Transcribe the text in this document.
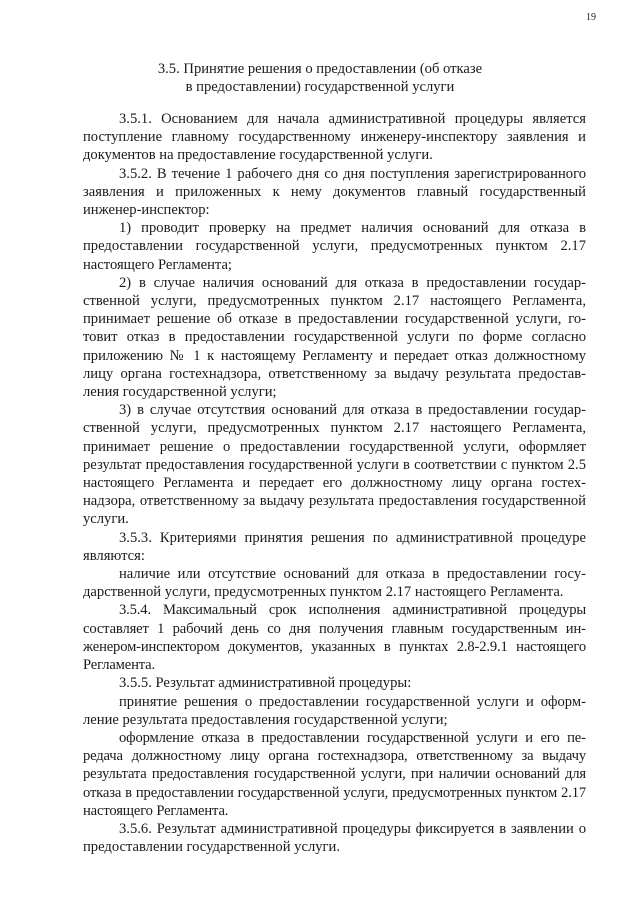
19
3.5. Принятие решения о предоставлении (об отказе
в предоставлении) государственной услуги

3.5.1. Основанием для начала административной процедуры является поступление главному государственному инженеру-инспектору заявления и документов на предоставление государственной услуги.

3.5.2. В течение 1 рабочего дня со дня поступления зарегистрированного заявления и приложенных к нему документов главный государственный инженер-инспектор:

1) проводит проверку на предмет наличия оснований для отказа в предоставлении государственной услуги, предусмотренных пунктом 2.17 настоящего Регламента;

2) в случае наличия оснований для отказа в предоставлении государственной услуги, предусмотренных пунктом 2.17 настоящего Регламента, принимает решение об отказе в предоставлении государственной услуги, готовит отказ в предоставлении государственной услуги по форме согласно приложению № 1 к настоящему Регламенту и передает отказ должностному лицу органа гостехнадзора, ответственному за выдачу результата предоставления государственной услуги;

3) в случае отсутствия оснований для отказа в предоставлении государственной услуги, предусмотренных пунктом 2.17 настоящего Регламента, принимает решение о предоставлении государственной услуги, оформляет результат предоставления государственной услуги в соответствии с пунктом 2.5 настоящего Регламента и передает его должностному лицу органа гостехнадзора, ответственному за выдачу результата предоставления государственной услуги.

3.5.3. Критериями принятия решения по административной процедуре являются:

наличие или отсутствие оснований для отказа в предоставлении государственной услуги, предусмотренных пунктом 2.17 настоящего Регламента.

3.5.4. Максимальный срок исполнения административной процедуры составляет 1 рабочий день со дня получения главным государственным инженером-инспектором документов, указанных в пунктах 2.8-2.9.1 настоящего Регламента.

3.5.5. Результат административной процедуры:

принятие решения о предоставлении государственной услуги и оформление результата предоставления государственной услуги;

оформление отказа в предоставлении государственной услуги и его передача должностному лицу органа гостехнадзора, ответственному за выдачу результата предоставления государственной услуги, при наличии оснований для отказа в предоставлении государственной услуги, предусмотренных пунктом 2.17 настоящего Регламента.

3.5.6. Результат административной процедуры фиксируется в заявлении о предоставлении государственной услуги.
